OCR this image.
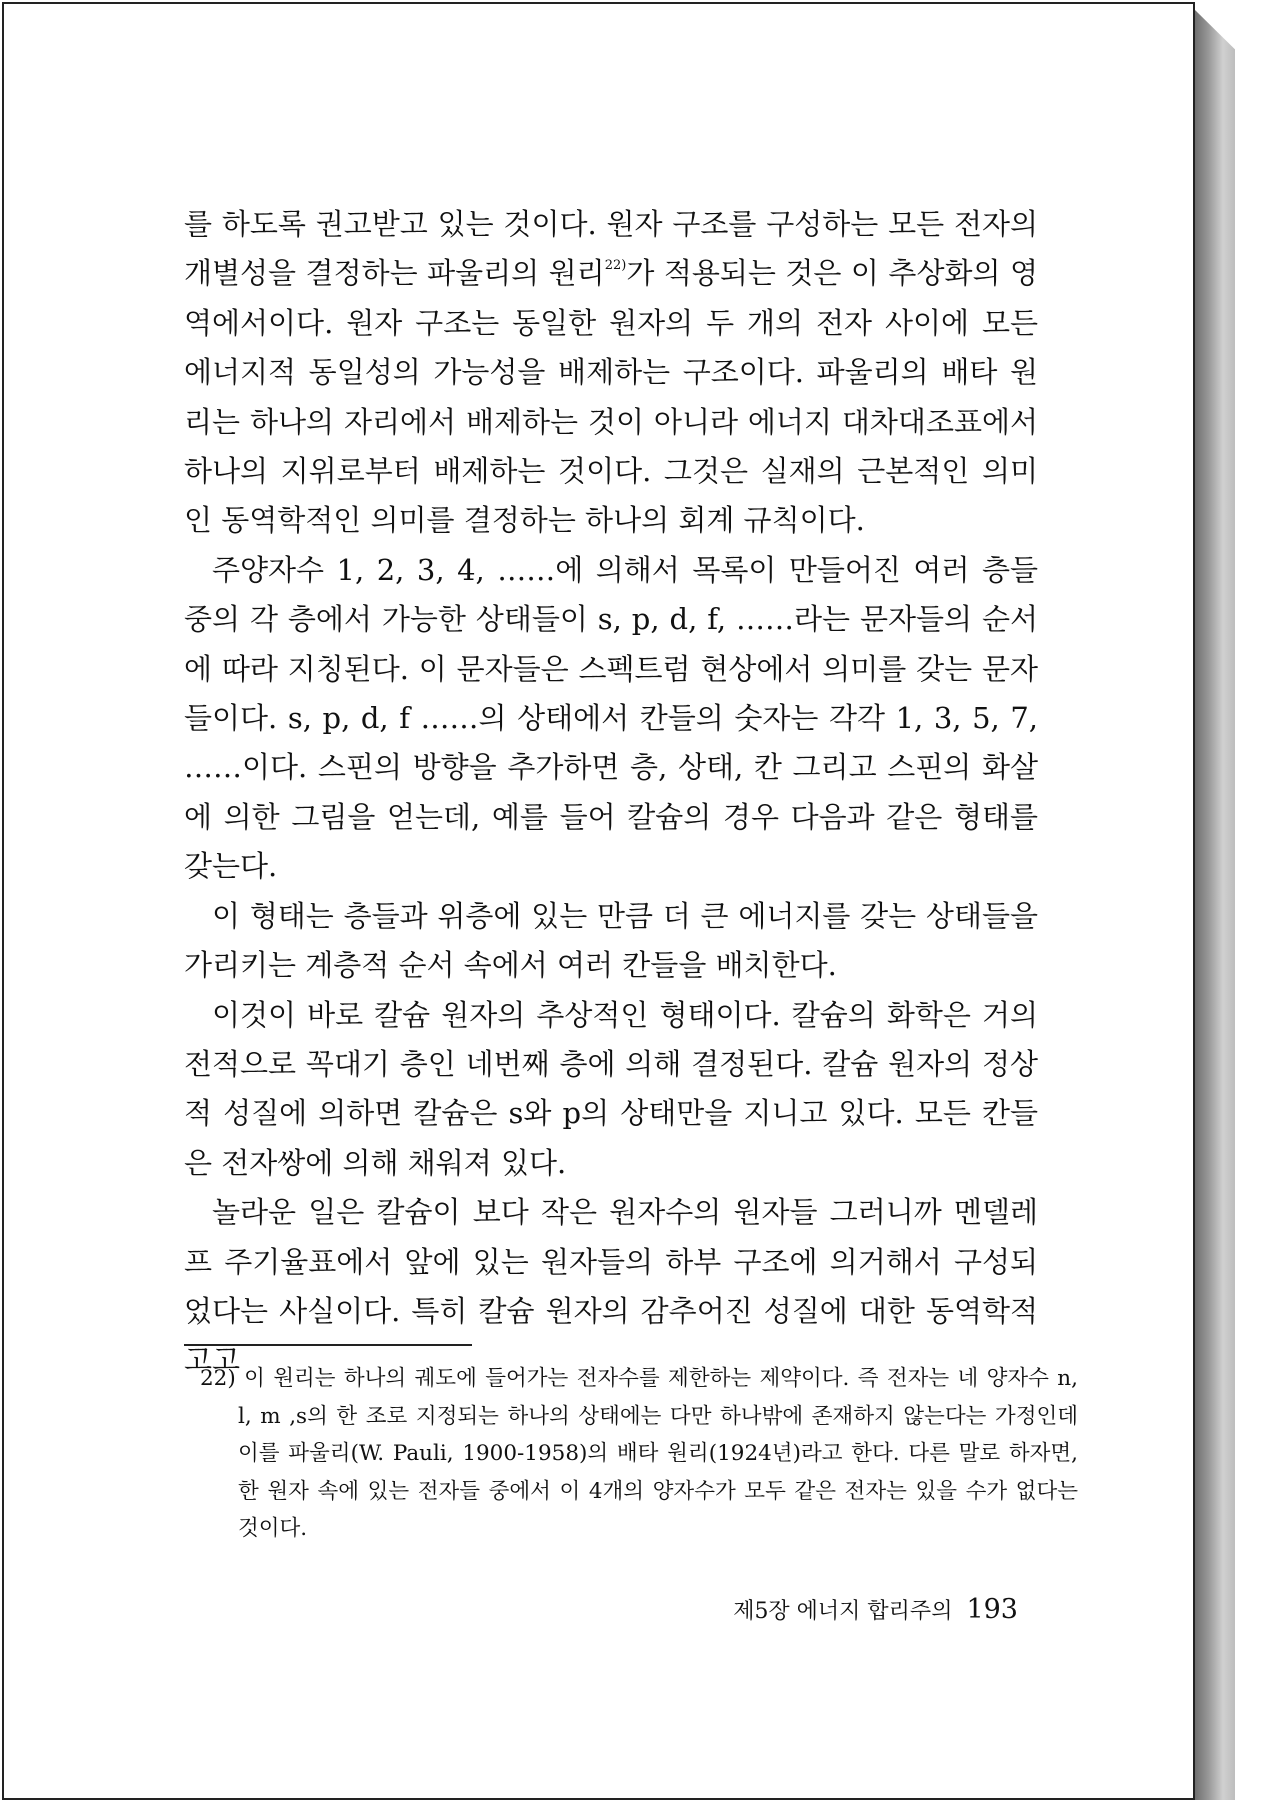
를 하도록 권고받고 있는 것이다. 원자 구조를 구성하는 모든 전자의 개별성을 결정하는 파울리의 원리$^{22)}$가 적용되는 것은 이 추상화의 영역에서이다. 원자 구조는 동일한 원자의 두 개의 전자 사이에 모든 에너지적 동일성의 가능성을 배제하는 구조이다. 파울리의 배타 원리는 하나의 자리에서 배제하는 것이 아니라 에너지 대차대조표에서 하나의 지위로부터 배제하는 것이다. 그것은 실재의 근본적인 의미인 동역학적인 의미를 결정하는 하나의 회계 규칙이다.

주양자수 1, 2, 3, 4, ……에 의해서 목록이 만들어진 여러 층들 중의 각 층에서 가능한 상태들이 s, p, d, f, ……라는 문자들의 순서에 따라 지칭된다. 이 문자들은 스펙트럼 현상에서 의미를 갖는 문자들이다. s, p, d, f ……의 상태에서 칸들의 숫자는 각각 1, 3, 5, 7, ……이다. 스핀의 방향을 추가하면 층, 상태, 칸 그리고 스핀의 화살에 의한 그림을 얻는데, 예를 들어 칼슘의 경우 다음과 같은 형태를 갖는다.

이 형태는 층들과 위층에 있는 만큼 더 큰 에너지를 갖는 상태들을 가리키는 계층적 순서 속에서 여러 칸들을 배치한다.

이것이 바로 칼슘 원자의 추상적인 형태이다. 칼슘의 화학은 거의 전적으로 꼭대기 층인 네번째 층에 의해 결정된다. 칼슘 원자의 정상적 성질에 의하면 칼슘은 s와 p의 상태만을 지니고 있다. 모든 칸들은 전자쌍에 의해 채워져 있다.

놀라운 일은 칼슘이 보다 작은 원자수의 원자들 그러니까 멘델레프 주기율표에서 앞에 있는 원자들의 하부 구조에 의거해서 구성되었다는 사실이다. 특히 칼슘 원자의 감추어진 성질에 대한 동역학적 고고

22) 이 원리는 하나의 궤도에 들어가는 전자수를 제한하는 제약이다. 즉 전자는 네 양자수 n, l, m ,s의 한 조로 지정되는 하나의 상태에는 다만 하나밖에 존재하지 않는다는 가정인데 이를 파울리(W. Pauli, 1900-1958)의 배타 원리(1924년)라고 한다. 다른 말로 하자면, 한 원자 속에 있는 전자들 중에서 이 4개의 양자수가 모두 같은 전자는 있을 수가 없다는 것이다.
제5장 에너지 합리주의 193
